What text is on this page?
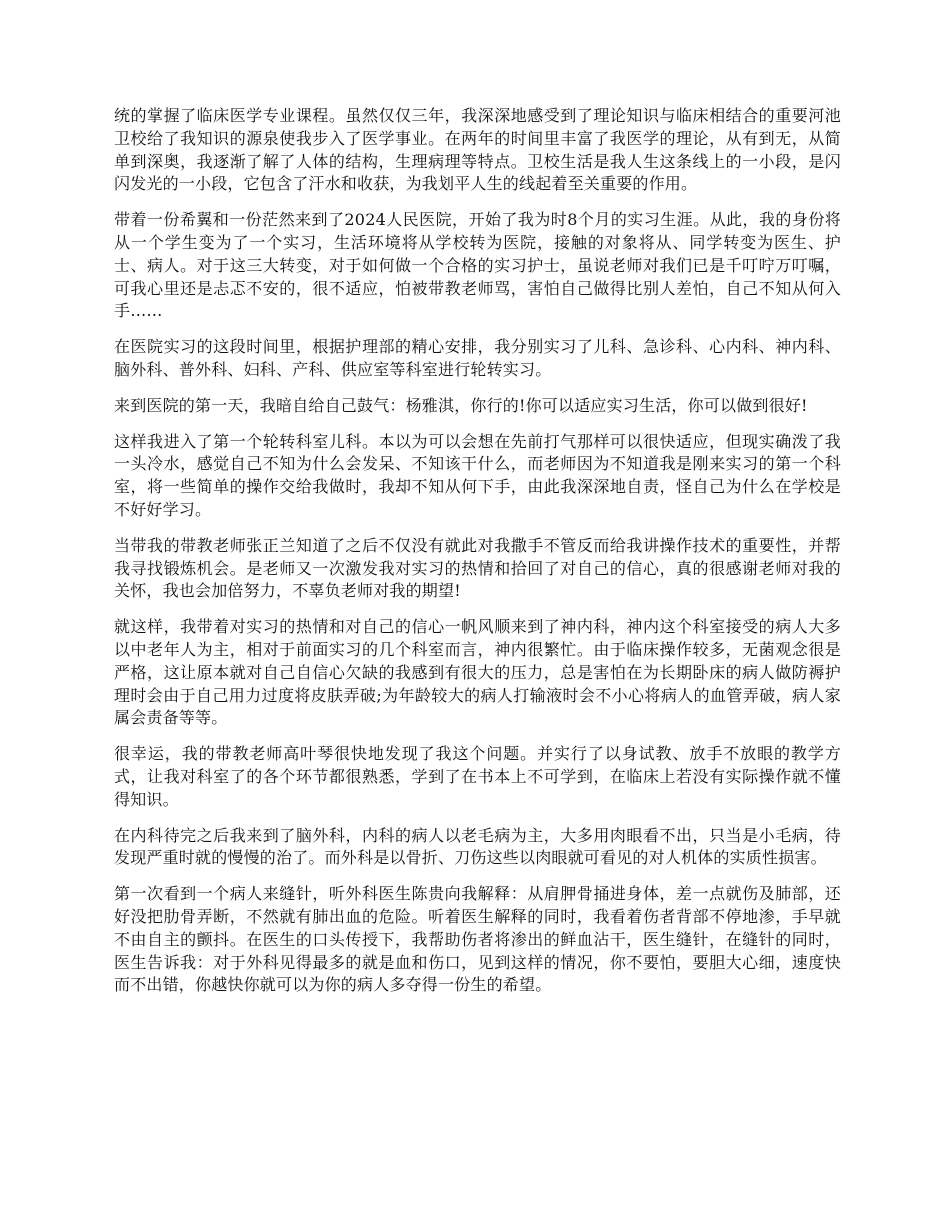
统的掌握了临床医学专业课程。虽然仅仅三年，我深深地感受到了理论知识与临床相结合的重要河池卫校给了我知识的源泉使我步入了医学事业。在两年的时间里丰富了我医学的理论，从有到无，从简单到深奥，我逐渐了解了人体的结构，生理病理等特点。卫校生活是我人生这条线上的一小段，是闪闪发光的一小段，它包含了汗水和收获，为我划平人生的线起着至关重要的作用。

带着一份希翼和一份茫然来到了2024人民医院，开始了我为时8个月的实习生涯。从此，我的身份将从一个学生变为了一个实习，生活环境将从学校转为医院，接触的对象将从、同学转变为医生、护士、病人。对于这三大转变，对于如何做一个合格的实习护士，虽说老师对我们已是千叮咛万叮嘱，可我心里还是忐忑不安的，很不适应，怕被带教老师骂，害怕自己做得比别人差怕，自己不知从何入手……

在医院实习的这段时间里，根据护理部的精心安排，我分别实习了儿科、急诊科、心内科、神内科、脑外科、普外科、妇科、产科、供应室等科室进行轮转实习。

来到医院的第一天，我暗自给自己鼓气：杨雅淇，你行的!你可以适应实习生活，你可以做到很好!

这样我进入了第一个轮转科室儿科。本以为可以会想在先前打气那样可以很快适应，但现实确泼了我一头冷水，感觉自己不知为什么会发呆、不知该干什么，而老师因为不知道我是刚来实习的第一个科室，将一些简单的操作交给我做时，我却不知从何下手，由此我深深地自责，怪自己为什么在学校是不好好学习。

当带我的带教老师张正兰知道了之后不仅没有就此对我撒手不管反而给我讲操作技术的重要性，并帮我寻找锻炼机会。是老师又一次激发我对实习的热情和拾回了对自己的信心，真的很感谢老师对我的关怀，我也会加倍努力，不辜负老师对我的期望!

就这样，我带着对实习的热情和对自己的信心一帆风顺来到了神内科，神内这个科室接受的病人大多以中老年人为主，相对于前面实习的几个科室而言，神内很繁忙。由于临床操作较多，无菌观念很是严格，这让原本就对自己自信心欠缺的我感到有很大的压力，总是害怕在为长期卧床的病人做防褥护理时会由于自己用力过度将皮肤弄破;为年龄较大的病人打输液时会不小心将病人的血管弄破，病人家属会责备等等。

很幸运，我的带教老师高叶琴很快地发现了我这个问题。并实行了以身试教、放手不放眼的教学方式，让我对科室了的各个环节都很熟悉，学到了在书本上不可学到，在临床上若没有实际操作就不懂得知识。

在内科待完之后我来到了脑外科，内科的病人以老毛病为主，大多用肉眼看不出，只当是小毛病，待发现严重时就的慢慢的治了。而外科是以骨折、刀伤这些以肉眼就可看见的对人机体的实质性损害。

第一次看到一个病人来缝针，听外科医生陈贵向我解释：从肩胛骨捅进身体，差一点就伤及肺部，还好没把肋骨弄断，不然就有肺出血的危险。听着医生解释的同时，我看着伤者背部不停地渗，手早就不由自主的颤抖。在医生的口头传授下，我帮助伤者将渗出的鲜血沾干，医生缝针，在缝针的同时，医生告诉我：对于外科见得最多的就是血和伤口，见到这样的情况，你不要怕，要胆大心细，速度快而不出错，你越快你就可以为你的病人多夺得一份生的希望。
